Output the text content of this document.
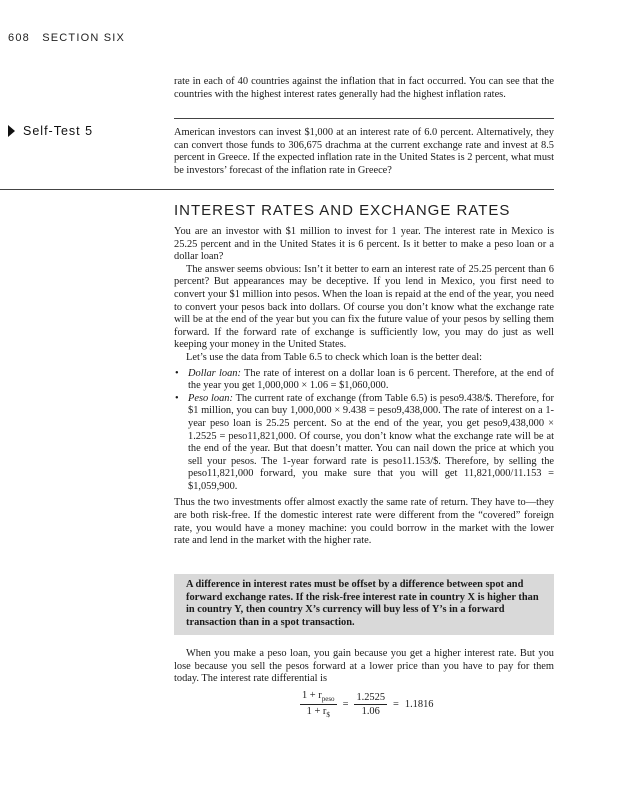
608 SECTION SIX

rate in each of 40 countries against the inflation that in fact occurred. You can see that the countries with the highest interest rates generally had the highest inflation rates.

Self-Test 5	American investors can invest $1,000 at an interest rate of 6.0 percent. Alternatively, they can convert those funds to 306,675 drachma at the current exchange rate and invest at 8.5 percent in Greece. If the expected inflation rate in the United States is 2 percent, what must be investors’ forecast of the inflation rate in Greece?

INTEREST RATES AND EXCHANGE RATES

You are an investor with $1 million to invest for 1 year. The interest rate in Mexico is 25.25 percent and in the United States it is 6 percent. Is it better to make a peso loan or a dollar loan?

The answer seems obvious: Isn’t it better to earn an interest rate of 25.25 percent than 6 percent? But appearances may be deceptive. If you lend in Mexico, you first need to convert your $1 million into pesos. When the loan is repaid at the end of the year, you need to convert your pesos back into dollars. Of course you don’t know what the exchange rate will be at the end of the year but you can fix the future value of your pesos by selling them forward. If the forward rate of exchange is sufficiently low, you may do just as well keeping your money in the United States.

Let’s use the data from Table 6.5 to check which loan is the better deal:

• Dollar loan: The rate of interest on a dollar loan is 6 percent. Therefore, at the end of the year you get 1,000,000 × 1.06 = $1,060,000.
• Peso loan: The current rate of exchange (from Table 6.5) is peso9.438/$. Therefore, for $1 million, you can buy 1,000,000 × 9.438 = peso9,438,000. The rate of interest on a 1-year peso loan is 25.25 percent. So at the end of the year, you get peso9,438,000 × 1.2525 = peso11,821,000. Of course, you don’t know what the exchange rate will be at the end of the year. But that doesn’t matter. You can nail down the price at which you sell your pesos. The 1-year forward rate is peso11.153/$. Therefore, by selling the peso11,821,000 forward, you make sure that you will get 11,821,000/11.153 = $1,059,900.

Thus the two investments offer almost exactly the same rate of return. They have to—they are both risk-free. If the domestic interest rate were different from the “covered” foreign rate, you would have a money machine: you could borrow in the market with the lower rate and lend in the market with the higher rate.

A difference in interest rates must be offset by a difference between spot and forward exchange rates. If the risk-free interest rate in country X is higher than in country Y, then country X’s currency will buy less of Y’s in a forward transaction than in a spot transaction.

When you make a peso loan, you gain because you get a higher interest rate. But you lose because you sell the pesos forward at a lower price than you have to pay for them today. The interest rate differential is

$\frac{1 + r_{peso}}{1 + r_{\$}} = \frac{1.2525}{1.06} = 1.1816$
